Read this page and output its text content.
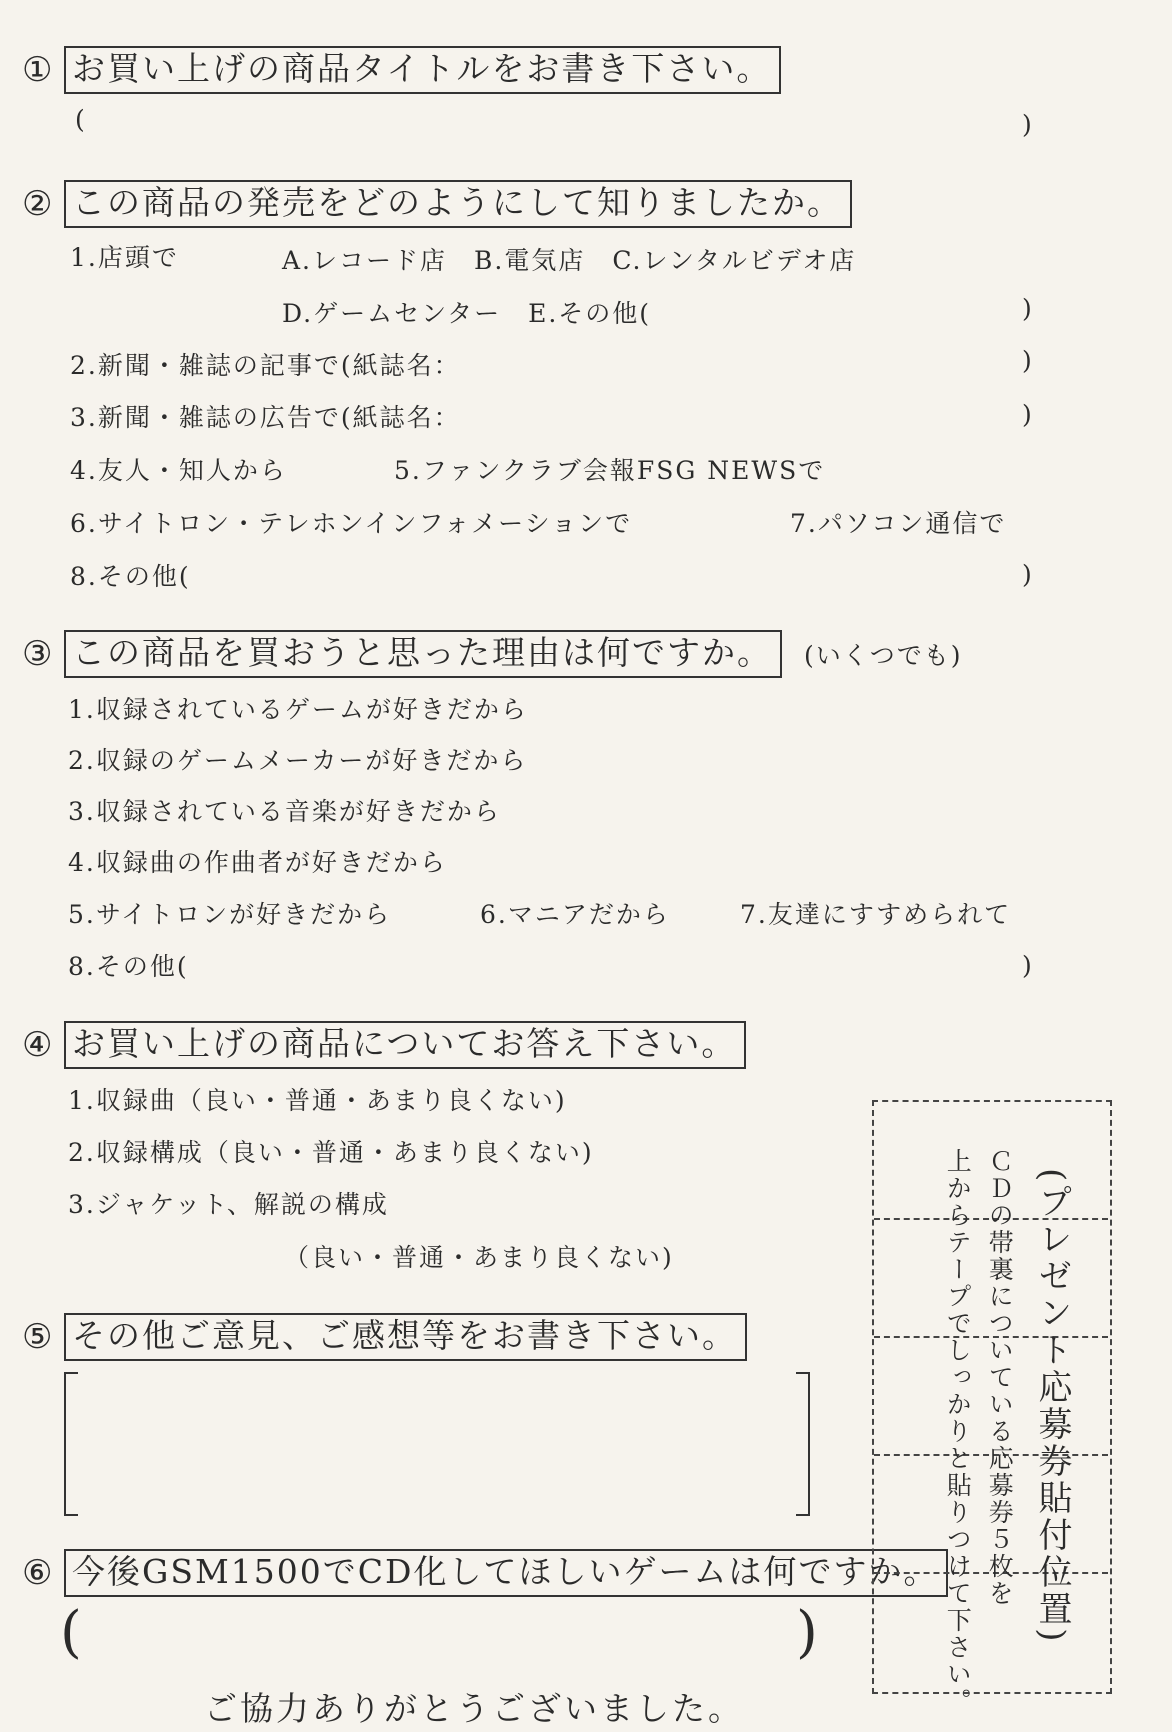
① お買い上げの商品タイトルをお書き下さい。
(	)
② この商品の発売をどのようにして知りましたか。
1.店頭で	A.レコード店　B.電気店　C.レンタルビデオ店
D.ゲームセンター　E.その他(	)
2.新聞・雑誌の記事で(紙誌名：	)
3.新聞・雑誌の広告で(紙誌名：	)
4.友人・知人から	5.ファンクラブ会報FSG NEWSで
6.サイトロン・テレホンインフォメーションで	7.パソコン通信で
8.その他(	)
③ この商品を買おうと思った理由は何ですか。	(いくつでも)
1.収録されているゲームが好きだから
2.収録のゲームメーカーが好きだから
3.収録されている音楽が好きだから
4.収録曲の作曲者が好きだから
5.サイトロンが好きだから	6.マニアだから	7.友達にすすめられて
8.その他(	)
④ お買い上げの商品についてお答え下さい。
1.収録曲（良い・普通・あまり良くない)
2.収録構成（良い・普通・あまり良くない)
3.ジャケット、解説の構成
（良い・普通・あまり良くない)
⑤ その他ご意見、ご感想等をお書き下さい。
⑥ 今後GSM1500でCD化してほしいゲームは何ですか。
(	)	(プレゼント応募券貼付位置)
ＣＤの帯裏についている応募券５枚を
上からテープでしっかりと貼りつけて下さい。
ご協力ありがとうございました。
